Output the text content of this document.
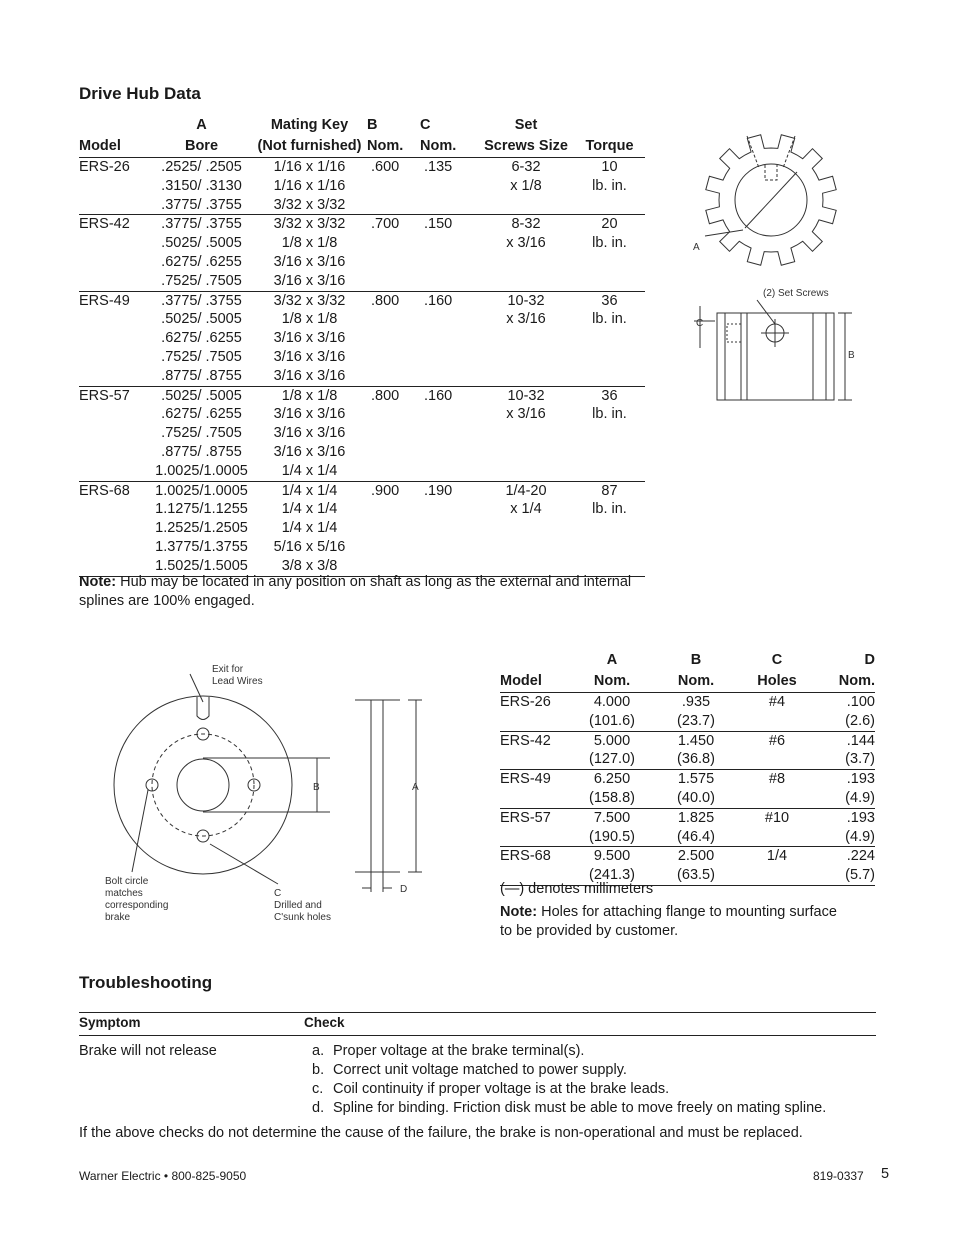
Drive Hub Data
	A	Mating Key	B	C	Set	
Model	Bore	(Not furnished)	Nom.	Nom.	Screws Size	Torque
ERS-26	.2525/ .2505	1/16 x 1/16	.600	.135	6-32	10
	.3150/ .3130	1/16 x 1/16			x 1/8	lb. in.
	.3775/ .3755	3/32 x 3/32				
ERS-42	.3775/ .3755	3/32 x 3/32	.700	.150	8-32	20
	.5025/ .5005	1/8 x 1/8			x 3/16	lb. in.
	.6275/ .6255	3/16 x 3/16				
	.7525/ .7505	3/16 x 3/16				
ERS-49	.3775/ .3755	3/32 x 3/32	.800	.160	10-32	36
	.5025/ .5005	1/8 x 1/8			x 3/16	lb. in.
	.6275/ .6255	3/16 x 3/16				
	.7525/ .7505	3/16 x 3/16				
	.8775/ .8755	3/16 x 3/16				
ERS-57	.5025/ .5005	1/8 x 1/8	.800	.160	10-32	36
	.6275/ .6255	3/16 x 3/16			x 3/16	lb. in.
	.7525/ .7505	3/16 x 3/16				
	.8775/ .8755	3/16 x 3/16				
	1.0025/1.0005	1/4 x 1/4				
ERS-68	1.0025/1.0005	1/4 x 1/4	.900	.190	1/4-20	87
	1.1275/1.1255	1/4 x 1/4			x 1/4	lb. in.
	1.2525/1.2505	1/4 x 1/4				
	1.3775/1.3755	5/16 x 5/16				
	1.5025/1.5005	3/8 x 3/8				
Note: Hub may be located in any position on shaft as long as the external and internal splines are 100% engaged.
A
(2) Set Screws
C
B
Exit for
Lead Wires
Bolt circle
matches
corresponding
brake
C
Drilled and
C'sunk holes
B	A
D
	A	B	C	D
Model	Nom.	Nom.	Holes	Nom.
ERS-26	4.000	.935	#4	.100
	(101.6)	(23.7)		(2.6)
ERS-42	5.000	1.450	#6	.144
	(127.0)	(36.8)		(3.7)
ERS-49	6.250	1.575	#8	.193
	(158.8)	(40.0)		(4.9)
ERS-57	7.500	1.825	#10	.193
	(190.5)	(46.4)		(4.9)
ERS-68	9.500	2.500	1/4	.224
	(241.3)	(63.5)		(5.7)
(—) denotes millimeters
Note: Holes for attaching flange to mounting surface to be provided by customer.
Troubleshooting
Symptom	Check
Brake will not release	a. Proper voltage at the brake terminal(s).
b. Correct unit voltage matched to power supply.
c. Coil continuity if proper voltage is at the brake leads.
d. Spline for binding. Friction disk must be able to move freely on mating spline.
If the above checks do not determine the cause of the failure, the brake is non-operational and must be replaced.
Warner Electric • 800-825-9050	819-0337 5
